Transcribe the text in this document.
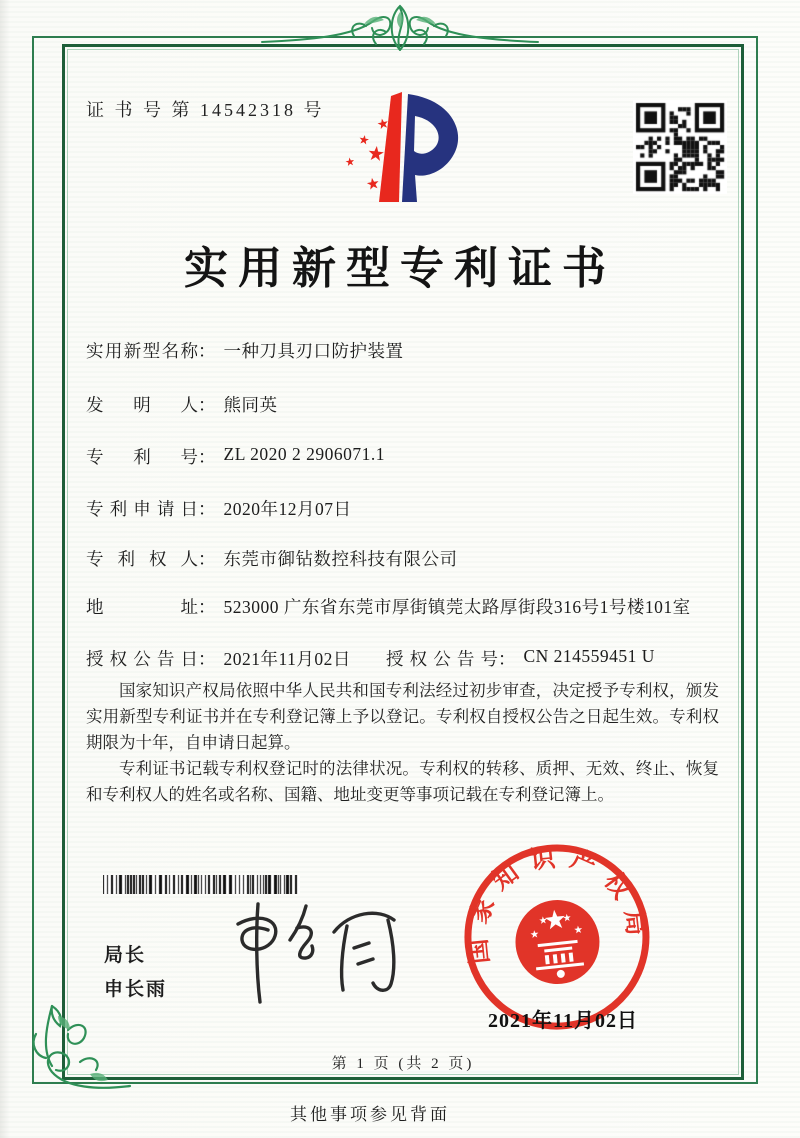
证 书 号 第 14542318 号
实用新型专利证书
实用新型名称： 一种刀具刃口防护装置
发明人： 熊同英
专利号： ZL 2020 2 2906071.1
专利申请日： 2020年12月07日
专利权人： 东莞市御钻数控科技有限公司
地址： 523000 广东省东莞市厚街镇莞太路厚街段316号1号楼101室
授权公告日： 2021年11月02日 授权公告号： CN 214559451 U

国家知识产权局依照中华人民共和国专利法经过初步审查，决定授予专利权，颁发实用新型专利证书并在专利登记簿上予以登记。专利权自授权公告之日起生效。专利权期限为十年，自申请日起算。

专利证书记载专利权登记时的法律状况。专利权的转移、质押、无效、终止、恢复和专利权人的姓名或名称、国籍、地址变更等事项记载在专利登记簿上。

局长
申长雨
国家知识产权局
2021年11月02日
第 1 页 (共 2 页)
其他事项参见背面
